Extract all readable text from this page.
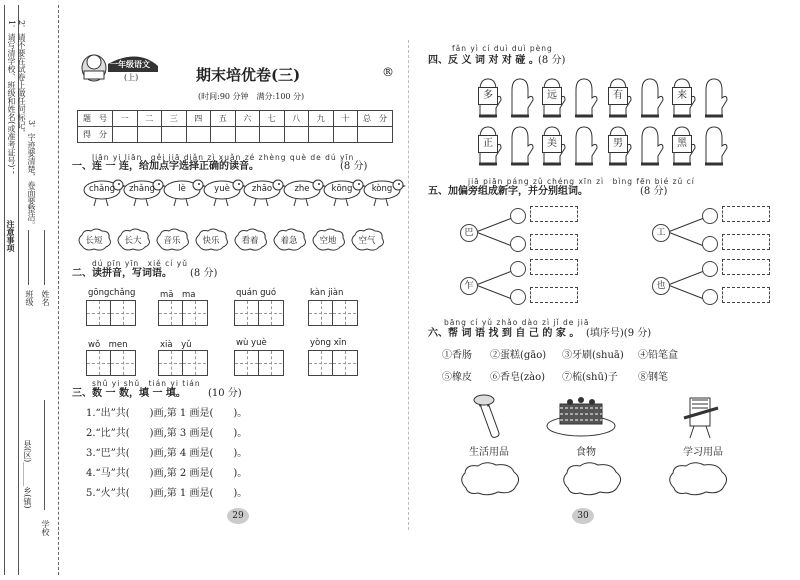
注意事项
1．请写清学校、班级和姓名(或准考证号)； 2．请不要在试卷上做任何标记，
3．字迹要清楚，卷面要整洁。
班级 姓名
县(区)______乡(镇)
学校
一年级语文
(上)	期末培优卷(三)	®
(时间:90 分钟　满分:100 分)
题　号	一	二	三	四	五	六	七	八	九	十	总　分
得　分											
liān yi liān　gěi jiā diǎn zì xuǎn zé zhèng què de dú yīn
一、连 一 连，给加点字选择正确的读音。	(8 分)
chǎng	zhǎng	lè	yuè	zhāo	zhe	kōng	kòng
长短	长大	音乐	快乐	看着	着急	空地	空气
dú pīn yīn　xiě cí yǔ
二、读拼音，写词语。 (8 分)
gōngchǎng	mā　ma	quán guó	kàn jiàn
wǒ　men	xià　yǔ	wù yuè	yòng xīn
shǔ yi shǔ　tián yi tián
三、数 一 数，填 一 填。 (10 分)
1.“出”共(　　)画,第 1 画是(　　)。
2.“比”共(　　)画,第 3 画是(　　)。
3.“巴”共(　　)画,第 4 画是(　　)。
4.“马”共(　　)画,第 2 画是(　　)。
5.“火”共(　　)画,第 1 画是(　　)。
29
fǎn yì cí duì duì pèng
四、反 义 词 对 对 碰 。 (8 分)
多
正
远
美
有
男
来
黑
jiā piān páng zǔ chéng xīn zì　bìng fēn bié zǔ cí
五、加偏旁组成新字，并分别组词。	(8 分)
巴	工
乍	也
bāng cí yǔ zhǎo dào zì jǐ de jiā
六、帮 词 语 找 到 自 己 的 家 。 (填序号)(9 分)
①香肠 ②蛋糕(gāo) ③牙刷(shuā) ④铅笔盒
⑤橡皮 ⑥香皂(zào) ⑦梳(shū)子 ⑧钢笔
生活用品	食物	学习用品
30
